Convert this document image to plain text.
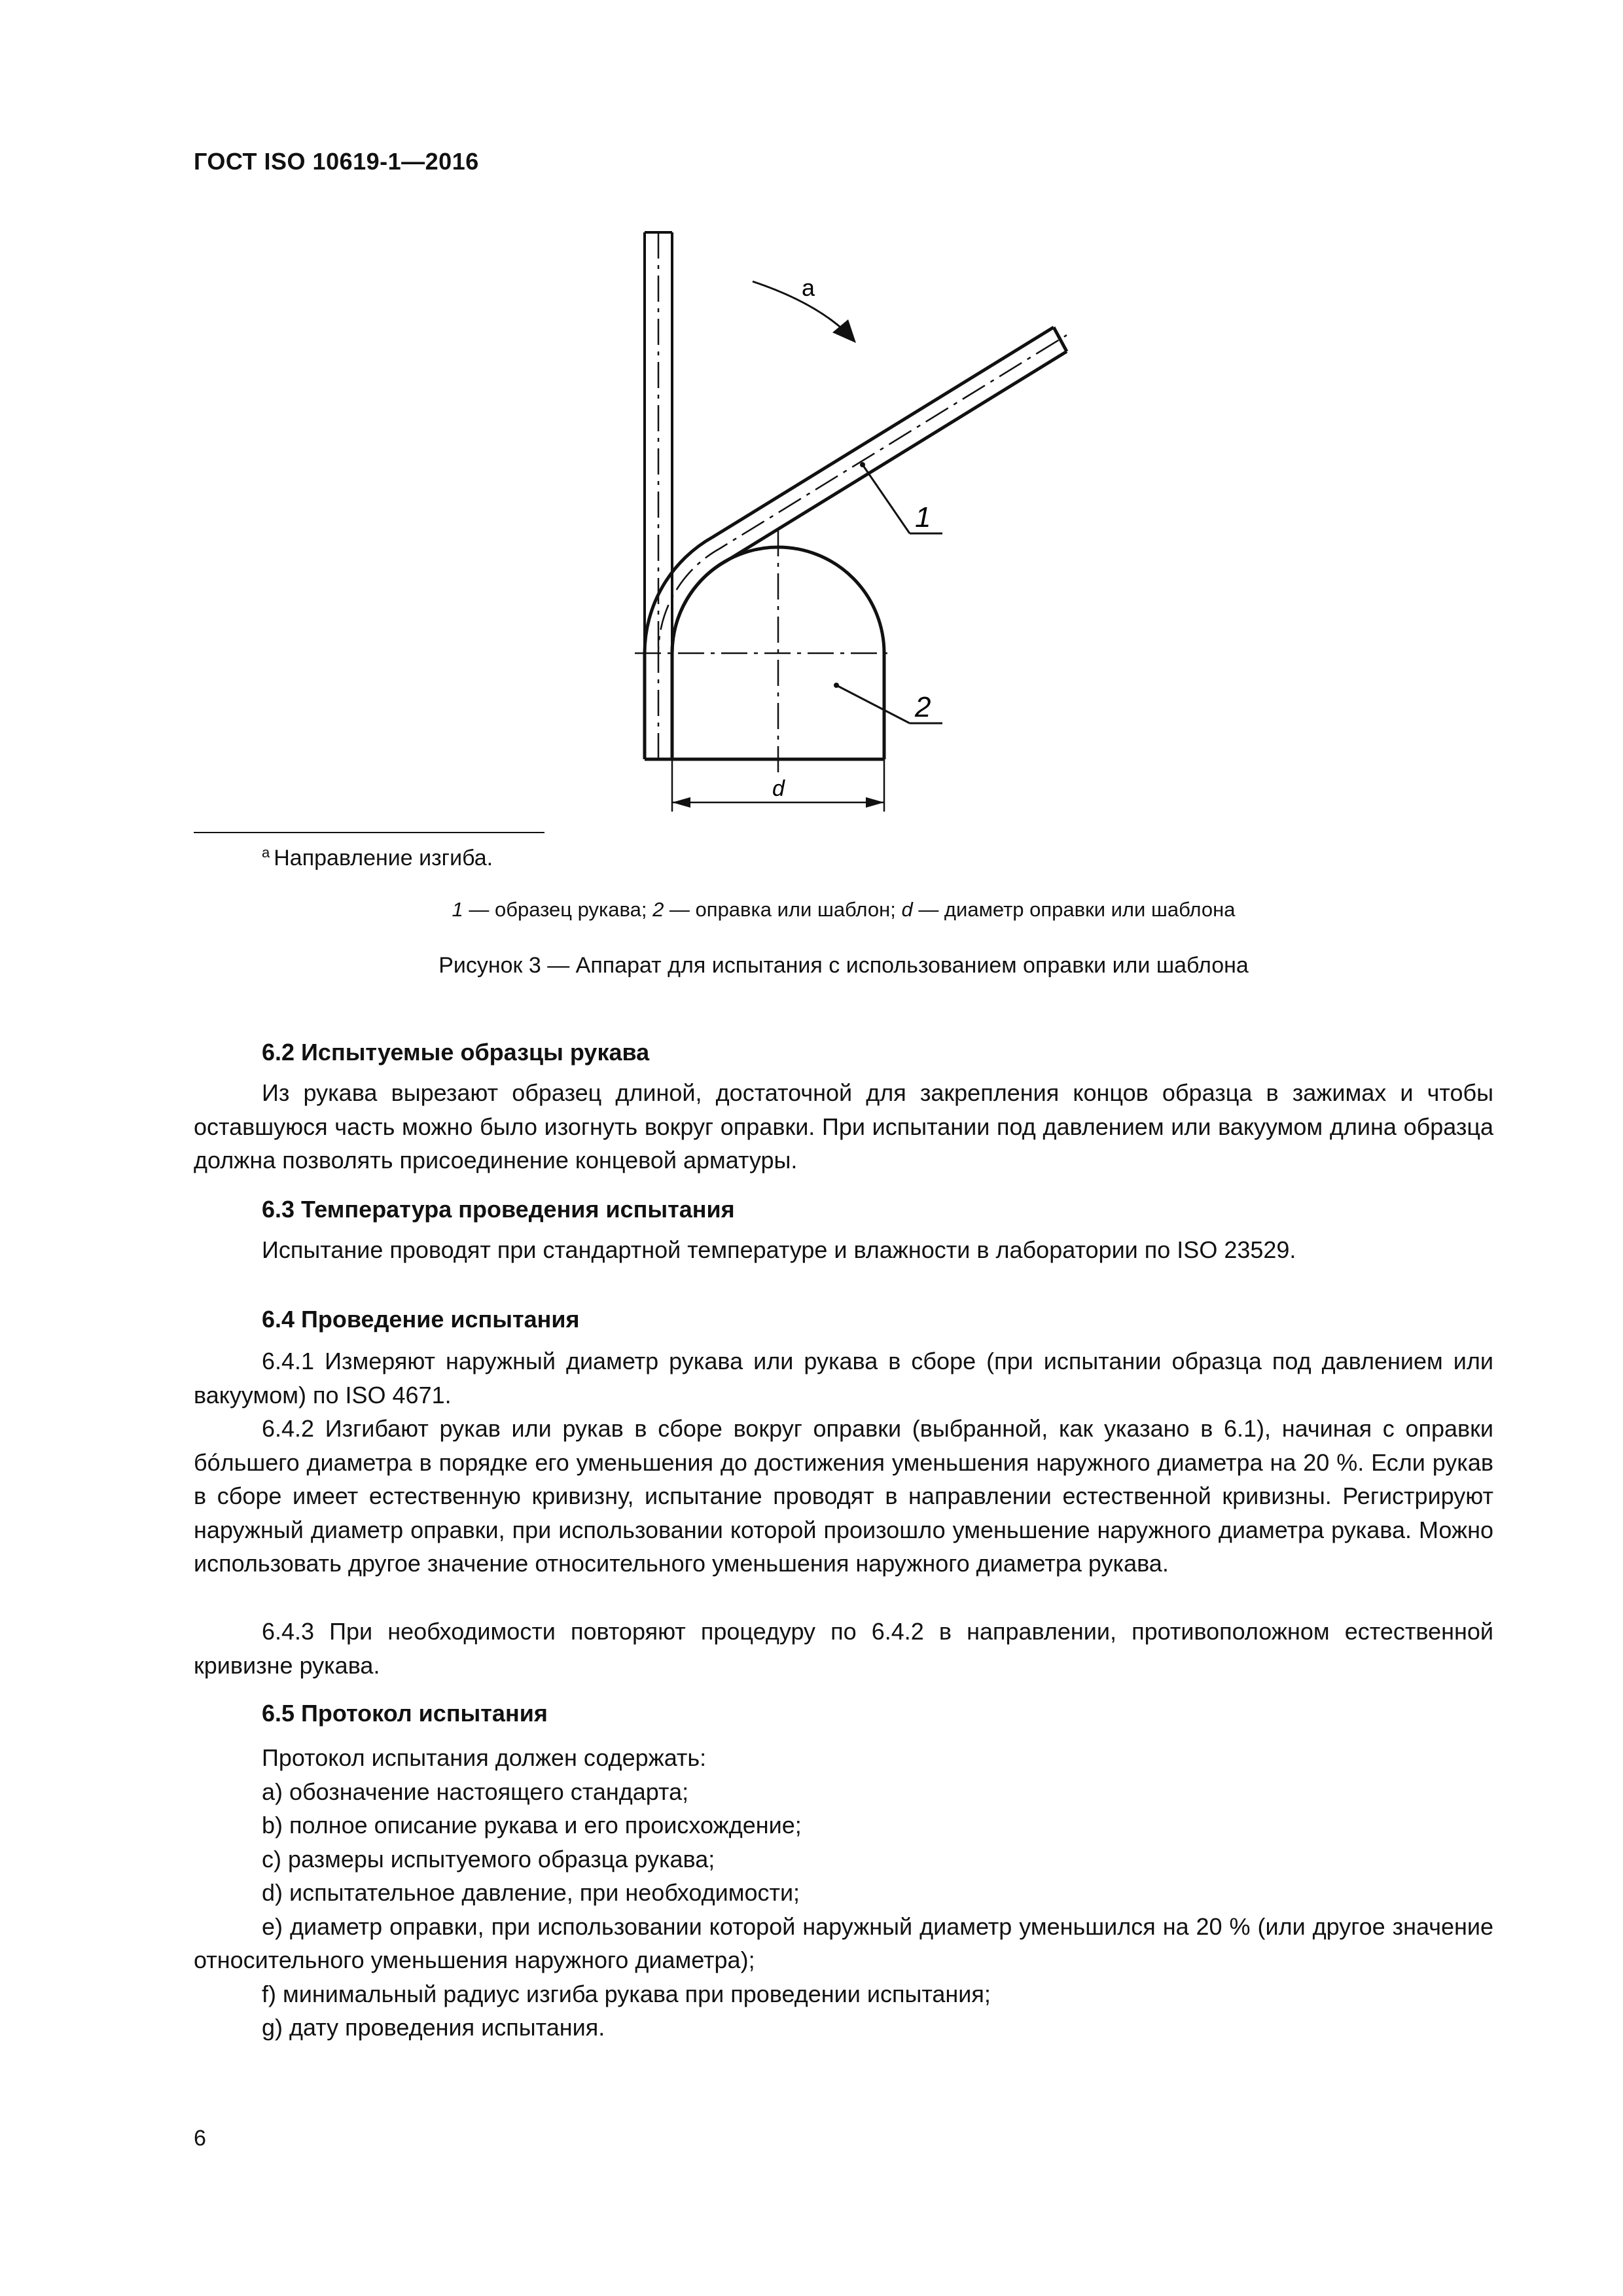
ГОСТ ISO 10619-1—2016
a
1
2
d
$^a$ Направление изгиба.
1 — образец рукава; 2 — оправка или шаблон; d — диаметр оправки или шаблона
Рисунок 3 — Аппарат для испытания с использованием оправки или шаблона
6.2 Испытуемые образцы рукава
Из рукава вырезают образец длиной, достаточной для закрепления концов образца в зажимах и чтобы оставшуюся часть можно было изогнуть вокруг оправки. При испытании под давлением или вакуумом длина образца должна позволять присоединение концевой арматуры.
6.3 Температура проведения испытания
Испытание проводят при стандартной температуре и влажности в лаборатории по ISO 23529.
6.4 Проведение испытания
6.4.1 Измеряют наружный диаметр рукава или рукава в сборе (при испытании образца под давлением или вакуумом) по ISO 4671.
6.4.2 Изгибают рукав или рукав в сборе вокруг оправки (выбранной, как указано в 6.1), начиная с оправки бóльшего диаметра в порядке его уменьшения до достижения уменьшения наружного диаметра на 20 %. Если рукав в сборе имеет естественную кривизну, испытание проводят в направлении естественной кривизны. Регистрируют наружный диаметр оправки, при использовании которой произошло уменьшение наружного диаметра рукава. Можно использовать другое значение относительного уменьшения наружного диаметра рукава.
6.4.3 При необходимости повторяют процедуру по 6.4.2 в направлении, противоположном естественной кривизне рукава.
6.5 Протокол испытания
Протокол испытания должен содержать:
a) обозначение настоящего стандарта;
b) полное описание рукава и его происхождение;
c) размеры испытуемого образца рукава;
d) испытательное давление, при необходимости;
e) диаметр оправки, при использовании которой наружный диаметр уменьшился на 20 % (или другое значение относительного уменьшения наружного диаметра);
f) минимальный радиус изгиба рукава при проведении испытания;
g) дату проведения испытания.
6
